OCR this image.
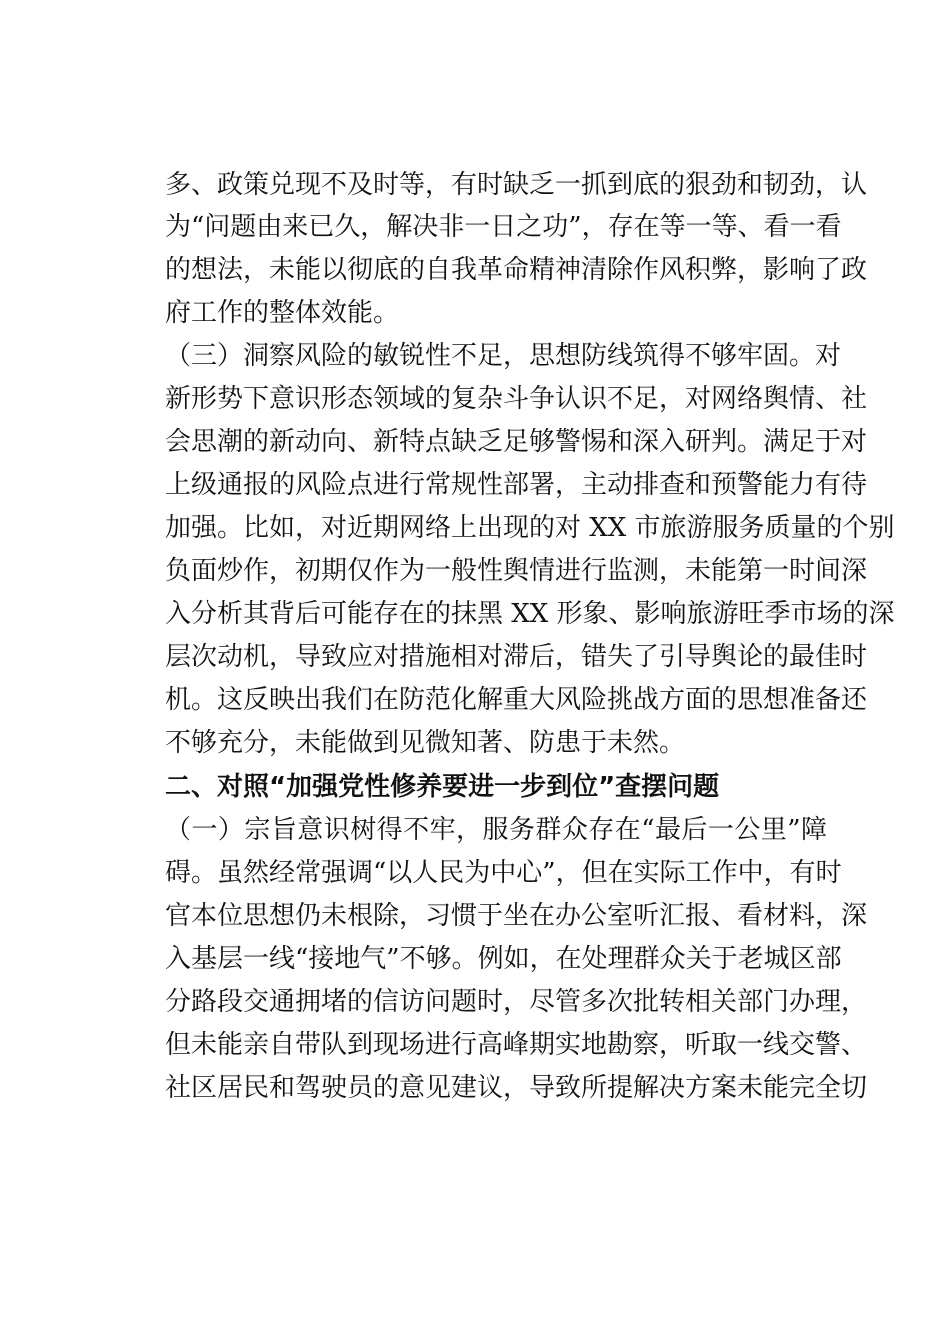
多、政策兑现不及时等，有时缺乏一抓到底的狠劲和韧劲，认
为“问题由来已久，解决非一日之功”，存在等一等、看一看
的想法，未能以彻底的自我革命精神清除作风积弊，影响了政
府工作的整体效能。
（三）洞察风险的敏锐性不足，思想防线筑得不够牢固。对
新形势下意识形态领域的复杂斗争认识不足，对网络舆情、社
会思潮的新动向、新特点缺乏足够警惕和深入研判。满足于对
上级通报的风险点进行常规性部署，主动排查和预警能力有待
加强。比如，对近期网络上出现的对 XX 市旅游服务质量的个别
负面炒作，初期仅作为一般性舆情进行监测，未能第一时间深
入分析其背后可能存在的抹黑 XX 形象、影响旅游旺季市场的深
层次动机，导致应对措施相对滞后，错失了引导舆论的最佳时
机。这反映出我们在防范化解重大风险挑战方面的思想准备还
不够充分，未能做到见微知著、防患于未然。
二、对照“加强党性修养要进一步到位”查摆问题
（一）宗旨意识树得不牢，服务群众存在“最后一公里”障
碍。虽然经常强调“以人民为中心”，但在实际工作中，有时
官本位思想仍未根除，习惯于坐在办公室听汇报、看材料，深
入基层一线“接地气”不够。例如，在处理群众关于老城区部
分路段交通拥堵的信访问题时，尽管多次批转相关部门办理，
但未能亲自带队到现场进行高峰期实地勘察，听取一线交警、
社区居民和驾驶员的意见建议，导致所提解决方案未能完全切
